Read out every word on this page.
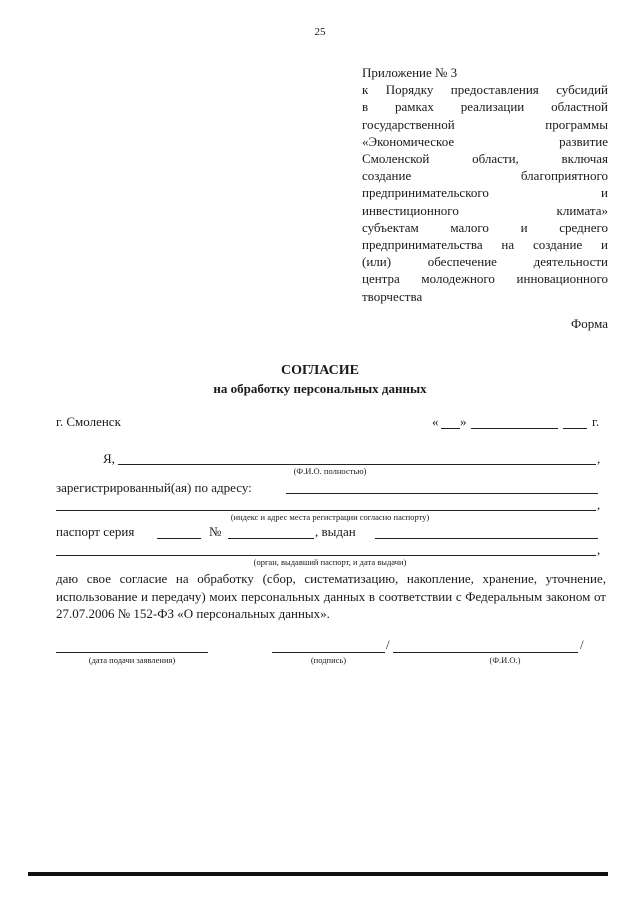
25
Приложение № 3
к Порядку предоставления субсидий
в рамках реализации областной
государственной программы
«Экономическое развитие
Смоленской области, включая
создание благоприятного
предпринимательского и
инвестиционного климата»
субъектам малого и среднего
предпринимательства на создание и
(или) обеспечение деятельности
центра молодежного инновационного
творчества
Форма
СОГЛАСИЕ
на обработку персональных данных
г. Смоленск	« »	г.
Я,	,
(Ф.И.О. полностью)
зарегистрированный(ая) по адресу:
,
(индекс и адрес места регистрации согласно паспорту)
паспорт серия	№	, выдан
,
(орган, выдавший паспорт, и дата выдачи)
даю свое согласие на обработку (сбор, систематизацию, накопление, хранение, уточнение, использование и передачу) моих персональных данных в соответствии с Федеральным законом от 27.07.2006 № 152-ФЗ «О персональных данных».
(дата подачи заявления)
/	/
(подпись)	(Ф.И.О.)
